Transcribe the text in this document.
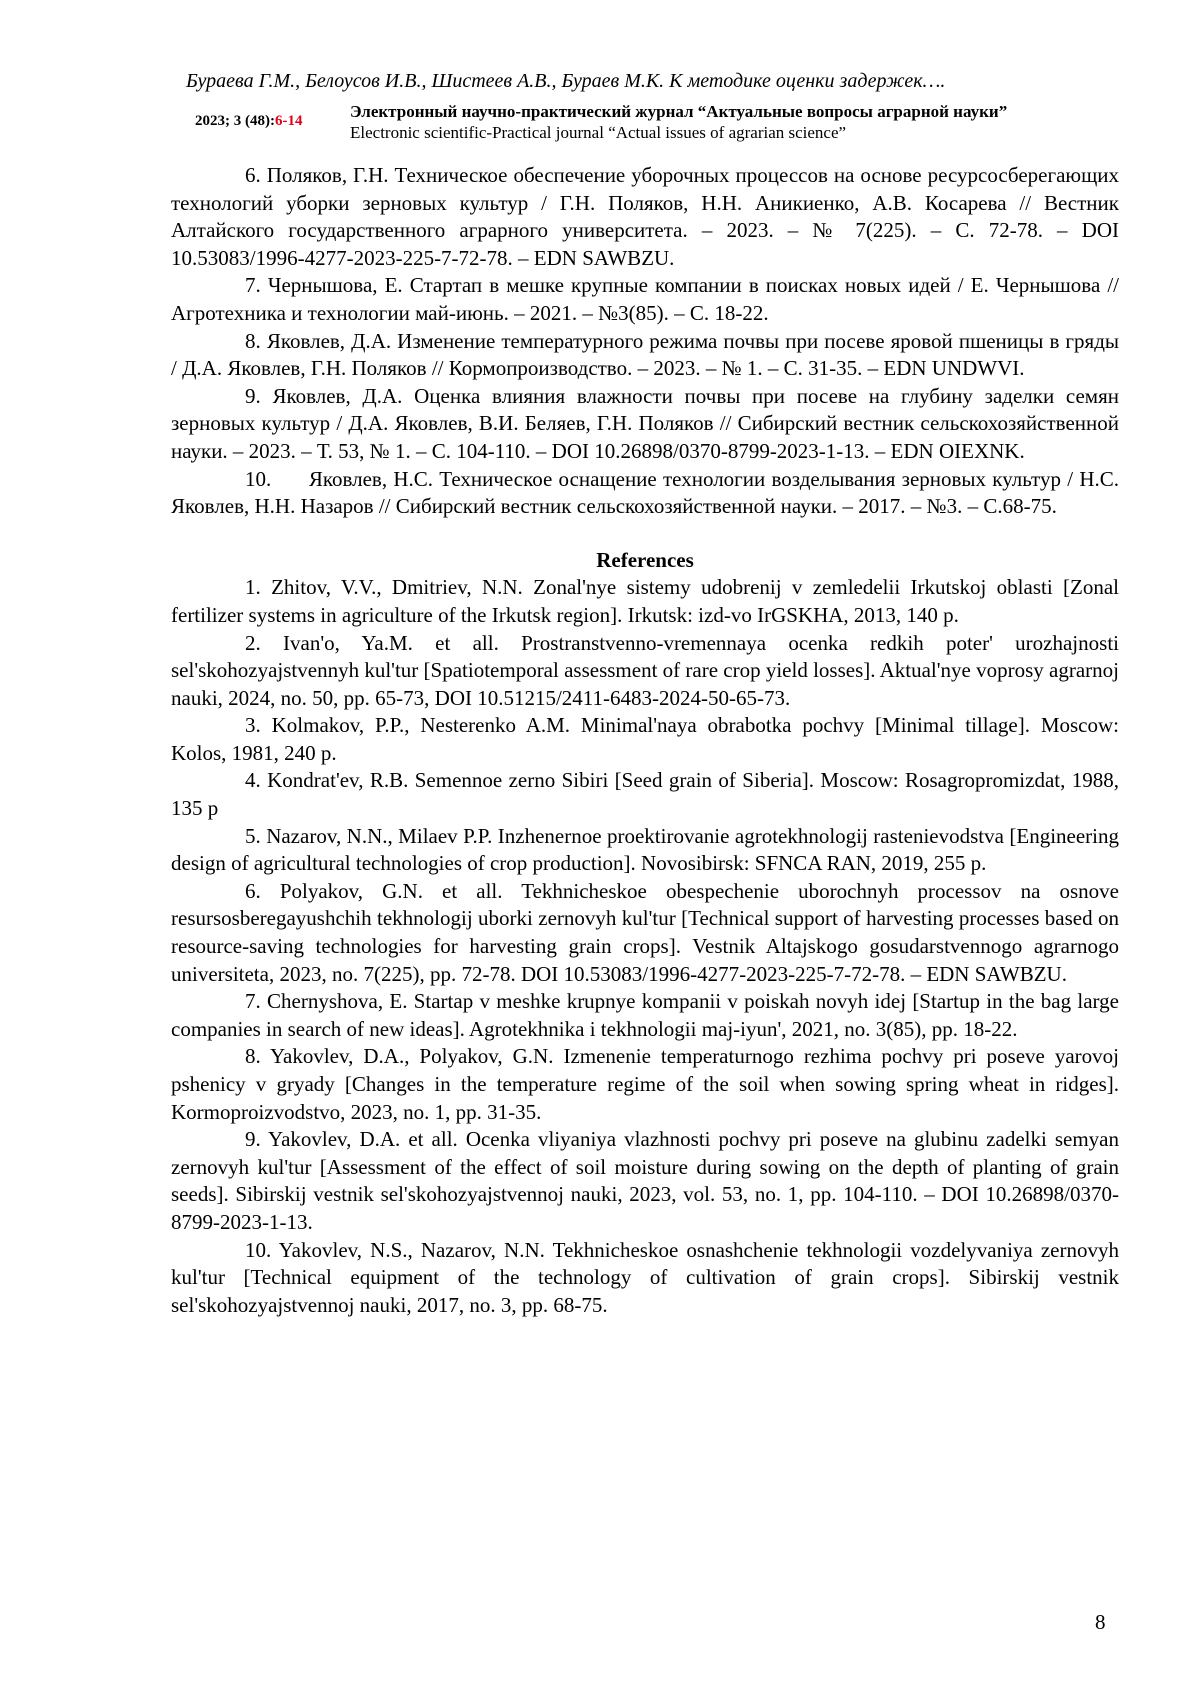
Бураева Г.М., Белоусов И.В., Шистеев А.В., Бураев М.К. К методике оценки задержек….
2023; 3 (48):6-14	Электронный научно-практический журнал “Актуальные вопросы аграрной науки”
Electronic scientific-Practical journal “Actual issues of agrarian science”

6. Поляков, Г.Н. Техническое обеспечение уборочных процессов на основе ресурсосберегающих технологий уборки зерновых культур / Г.Н. Поляков, Н.Н. Аникиенко, А.В. Косарева // Вестник Алтайского государственного аграрного университета. – 2023. – № 7(225). – С. 72-78. – DOI 10.53083/1996-4277-2023-225-7-72-78. – EDN SAWBZU.

7. Чернышова, Е. Стартап в мешке крупные компании в поисках новых идей / Е. Чернышова // Агротехника и технологии май-июнь. – 2021. – №3(85). – С. 18-22.

8. Яковлев, Д.А. Изменение температурного режима почвы при посеве яровой пшеницы в гряды / Д.А. Яковлев, Г.Н. Поляков // Кормопроизводство. – 2023. – № 1. – С. 31-35. – EDN UNDWVI.

9. Яковлев, Д.А. Оценка влияния влажности почвы при посеве на глубину заделки семян зерновых культур / Д.А. Яковлев, В.И. Беляев, Г.Н. Поляков // Сибирский вестник сельскохозяйственной науки. – 2023. – Т. 53, № 1. – С. 104-110. – DOI 10.26898/0370-8799-2023-1-13. – EDN OIEXNK.

10.      Яковлев, Н.С. Техническое оснащение технологии возделывания зерновых культур / Н.С. Яковлев, Н.Н. Назаров // Сибирский вестник сельскохозяйственной науки. – 2017. – №3. – С.68-75.

References

1. Zhitov, V.V., Dmitriev, N.N. Zonal'nye sistemy udobrenij v zemledelii Irkutskoj oblasti [Zonal fertilizer systems in agriculture of the Irkutsk region]. Irkutsk: izd-vo IrGSKHA, 2013, 140 p.

2. Ivan'o, Ya.M. et all. Prostranstvenno-vremennaya ocenka redkih poter' urozhajnosti sel'skohozyajstvennyh kul'tur [Spatiotemporal assessment of rare crop yield losses]. Aktual'nye voprosy agrarnoj nauki, 2024, no. 50, pp. 65-73, DOI 10.51215/2411-6483-2024-50-65-73.

3. Kolmakov, P.P., Nesterenko A.M. Minimal'naya obrabotka pochvy [Minimal tillage]. Moscow: Kolos, 1981, 240 p.

4. Kondrat'ev, R.B. Semennoe zerno Sibiri [Seed grain of Siberia]. Moscow: Rosagropromizdat, 1988, 135 p

5. Nazarov, N.N., Milaev P.P. Inzhenernoe proektirovanie agrotekhnologij rastenievodstva [Engineering design of agricultural technologies of crop production]. Novosibirsk: SFNCA RAN, 2019, 255 p.

6. Polyakov, G.N. et all. Tekhnicheskoe obespechenie uborochnyh processov na osnove resursosberegayushchih tekhnologij uborki zernovyh kul'tur [Technical support of harvesting processes based on resource-saving technologies for harvesting grain crops]. Vestnik Altajskogo gosudarstvennogo agrarnogo universiteta, 2023, no. 7(225), pp. 72-78. DOI 10.53083/1996-4277-2023-225-7-72-78. – EDN SAWBZU.

7. Chernyshova, E. Startap v meshke krupnye kompanii v poiskah novyh idej [Startup in the bag large companies in search of new ideas]. Agrotekhnika i tekhnologii maj-iyun', 2021, no. 3(85), pp. 18-22.

8. Yakovlev, D.A., Polyakov, G.N. Izmenenie temperaturnogo rezhima pochvy pri poseve yarovoj pshenicy v gryady [Changes in the temperature regime of the soil when sowing spring wheat in ridges]. Kormoproizvodstvo, 2023, no. 1, pp. 31-35.

9. Yakovlev, D.A. et all. Ocenka vliyaniya vlazhnosti pochvy pri poseve na glubinu zadelki semyan zernovyh kul'tur [Assessment of the effect of soil moisture during sowing on the depth of planting of grain seeds]. Sibirskij vestnik sel'skohozyajstvennoj nauki, 2023, vol. 53, no. 1, pp. 104-110. – DOI 10.26898/0370-8799-2023-1-13.

10. Yakovlev, N.S., Nazarov, N.N. Tekhnicheskoe osnashchenie tekhnologii vozdelyvaniya zernovyh kul'tur [Technical equipment of the technology of cultivation of grain crops]. Sibirskij vestnik sel'skohozyajstvennoj nauki, 2017, no. 3, pp. 68-75.

8
